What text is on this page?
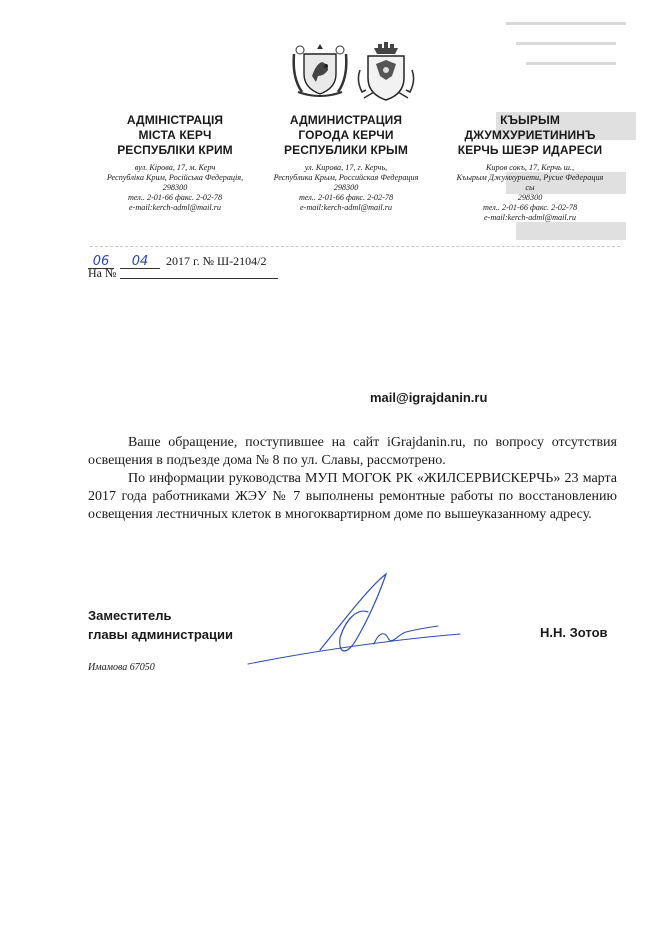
АДМІНІСТРАЦІЯ
МІСТА КЕРЧ
РЕСПУБЛІКИ КРИМ
вул. Кірова, 17, м. Керч
Республіка Крим, Російська Федерація,
298300
тел.. 2-01-66 факс. 2-02-78
e-mail:kerch-adml@mail.ru
АДМИНИСТРАЦИЯ
ГОРОДА КЕРЧИ
РЕСПУБЛИКИ КРЫМ
ул. Кирова, 17, г. Керчь,
Республика Крым, Российская Федерация
298300
тел.. 2-01-66 факс. 2-02-78
e-mail:kerch-adml@mail.ru
КЪЫРЫМ
ДЖУМХУРИЕТИНИНЪ
КЕРЧЬ ШЕЭР ИДАРЕСИ
Киров сокъ, 17, Керчь ш.,
Къырым Джумхуриети, Русие Федерация
сы
298300
тел.. 2-01-66 факс. 2-02-78
e-mail:kerch-adml@mail.ru
06	04	2017 г. № Ш-2104/2
На №
mail@igrajdanin.ru

Ваше обращение, поступившее на сайт iGrajdanin.ru, по вопросу отсутствия освещения в подъезде дома № 8 по ул. Славы, рассмотрено.

По информации руководства МУП МОГОК РК «ЖИЛСЕРВИСКЕРЧЬ» 23 марта 2017 года работниками ЖЭУ № 7 выполнены ремонтные работы по восстановлению освещения лестничных клеток в многоквартирном доме по вышеуказанному адресу.

Заместитель
главы администрации	Н.Н. Зотов
Имамова 67050
